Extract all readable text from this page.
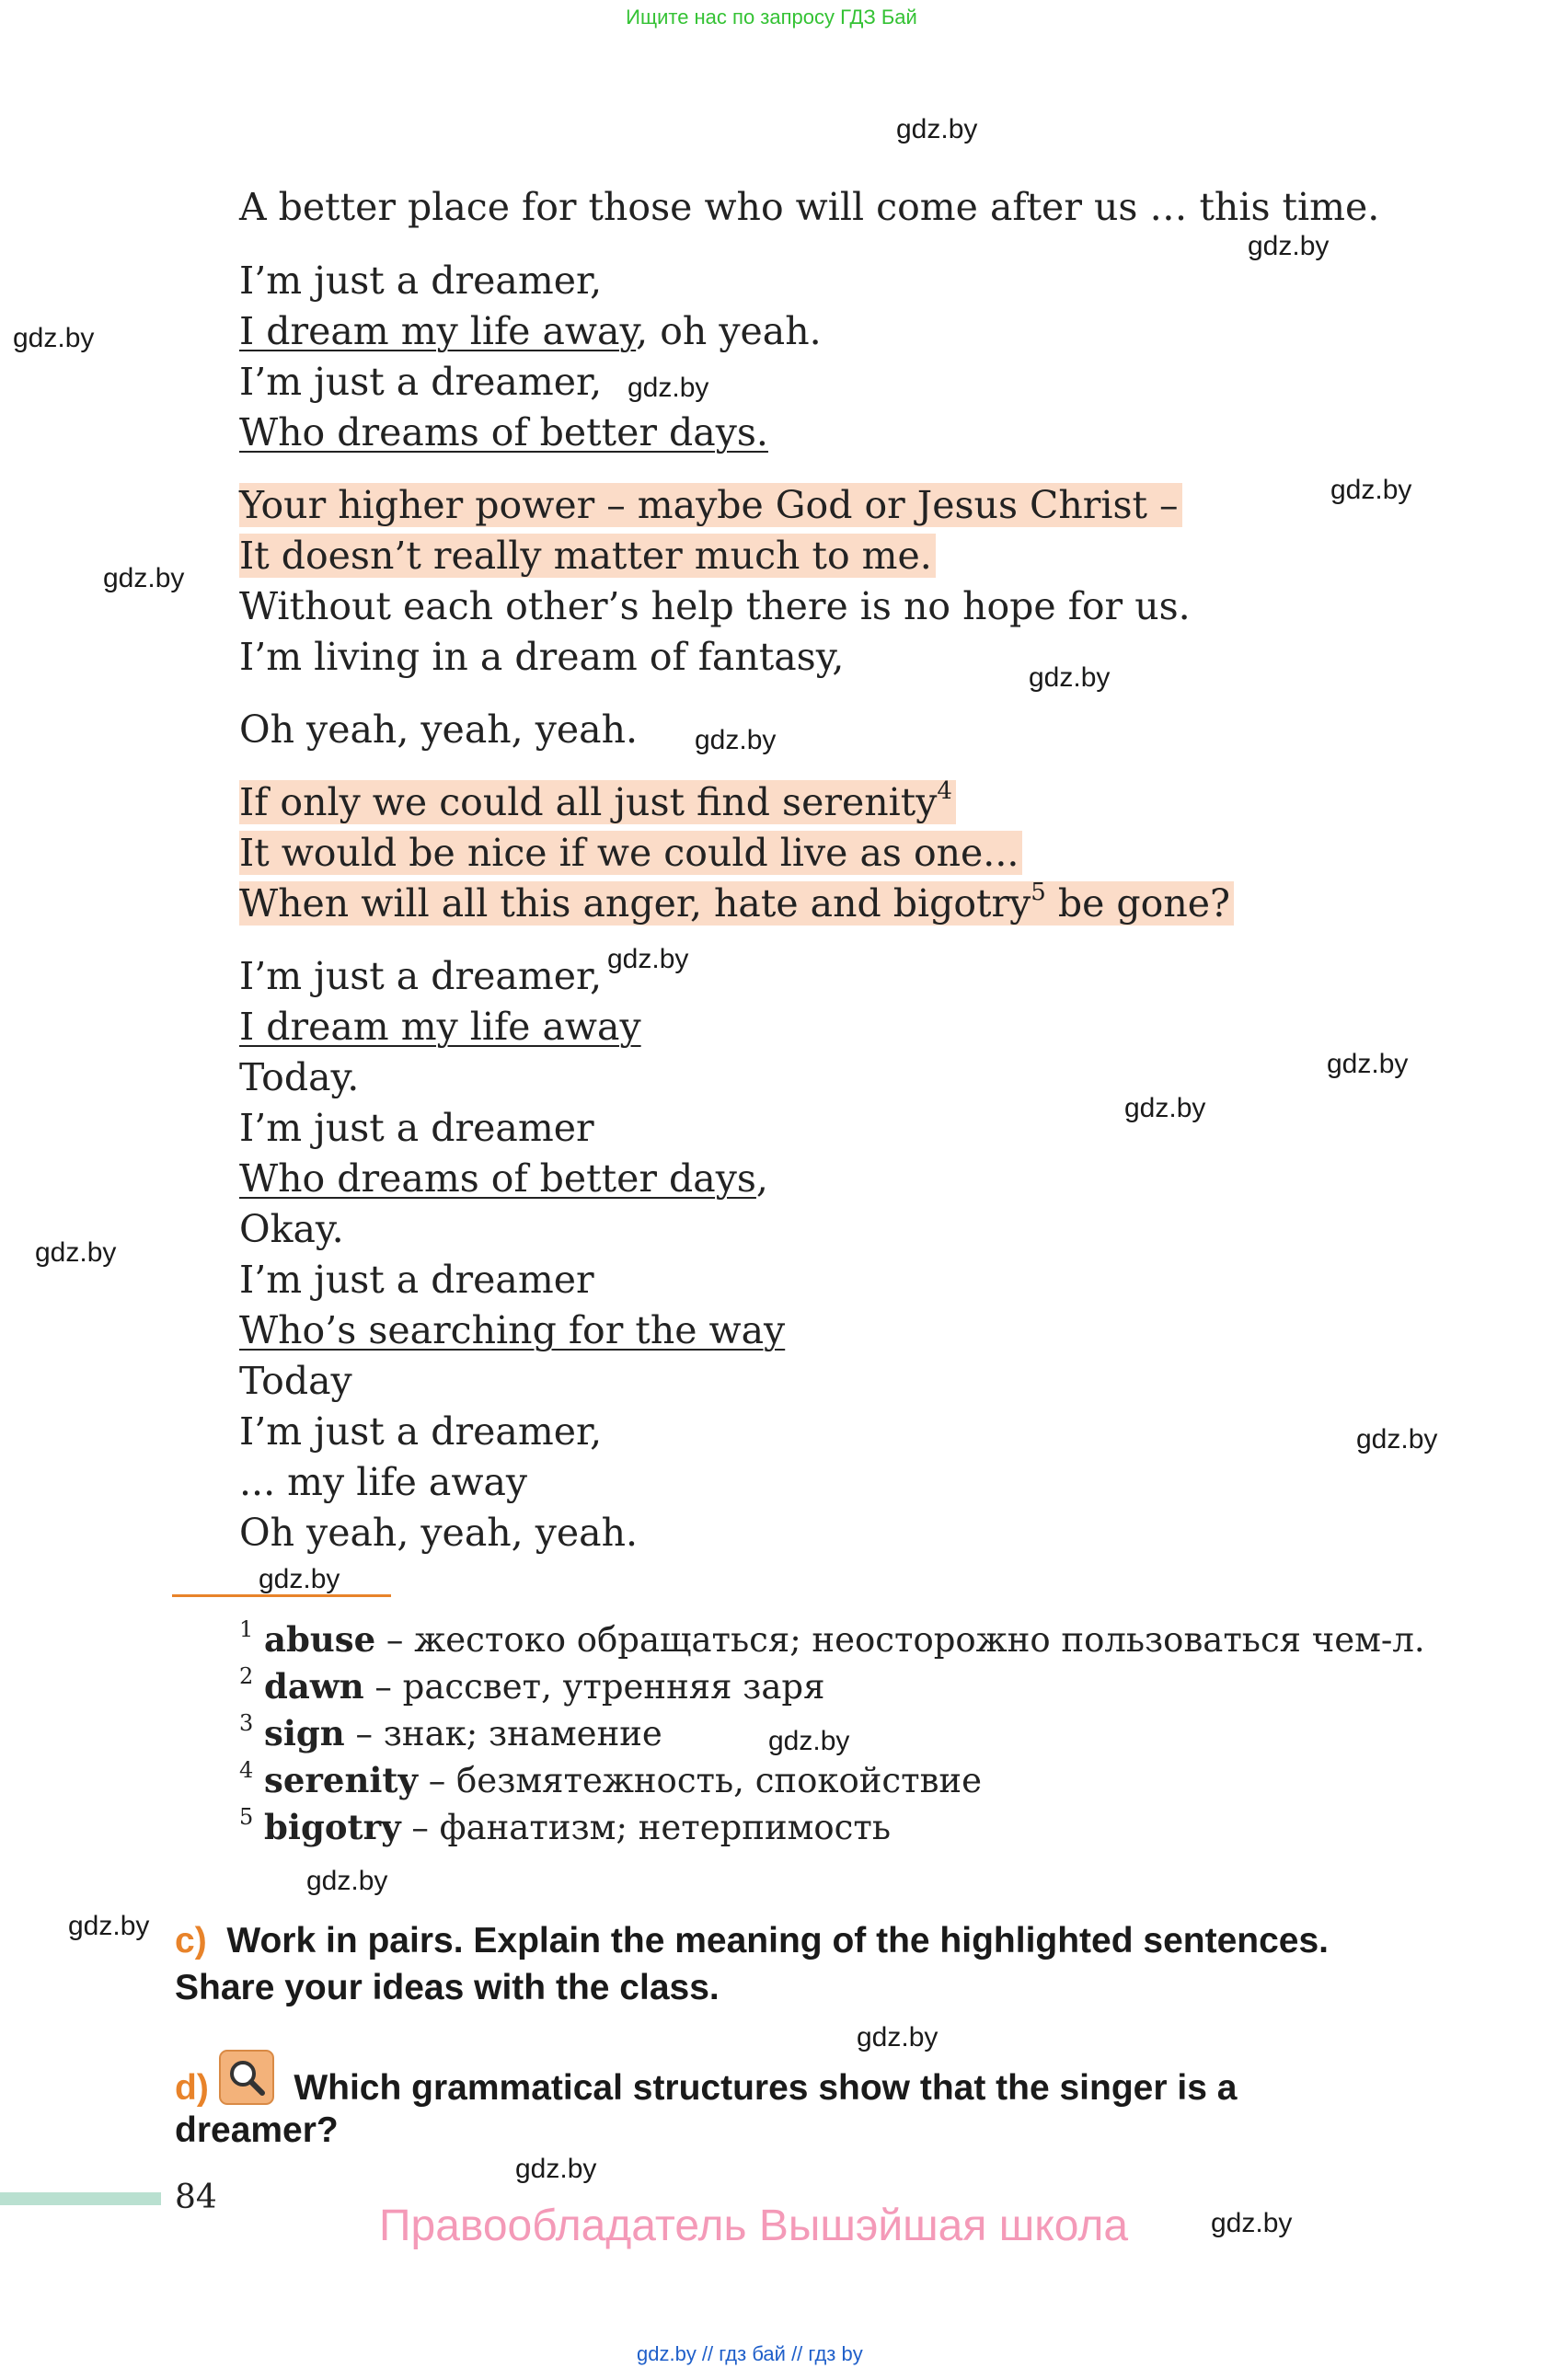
Ищите нас по запросу ГДЗ Бай
gdz.by
gdz.by
gdz.by
gdz.by
gdz.by
gdz.by
gdz.by
gdz.by
gdz.by
gdz.by
gdz.by
gdz.by
gdz.by
gdz.by
gdz.by
gdz.by
gdz.by
gdz.by
gdz.by
gdz.by
A better place for those who will come after us … this time.
I’m just a dreamer,
I dream my life away, oh yeah.
I’m just a dreamer,
Who dreams of better days.
Your higher power – maybe God or Jesus Christ –
It doesn’t really matter much to me.
Without each other’s help there is no hope for us.
I’m living in a dream of fantasy,
Oh yeah, yeah, yeah.
If only we could all just find serenity$^4$
It would be nice if we could live as one...
When will all this anger, hate and bigotry$^5$ be gone?
I’m just a dreamer,
I dream my life away
Today.
I’m just a dreamer
Who dreams of better days,
Okay.
I’m just a dreamer
Who’s searching for the way
Today
I’m just a dreamer,
... my life away
Oh yeah, yeah, yeah.
$^1$ abuse – жестоко обращаться; неосторожно пользоваться чем-л.
$^2$ dawn – рассвет, утренняя заря
$^3$ sign – знак; знамение
$^4$ serenity – безмятежность, спокойствие
$^5$ bigotry – фанатизм; нетерпимость
c) Work in pairs. Explain the meaning of the highlighted sentences.
Share your ideas with the class.
d) Which grammatical structures show that the singer is a
dreamer?
84
Правообладатель Вышэйшая школа
gdz.by // гдз бай // гдз by
